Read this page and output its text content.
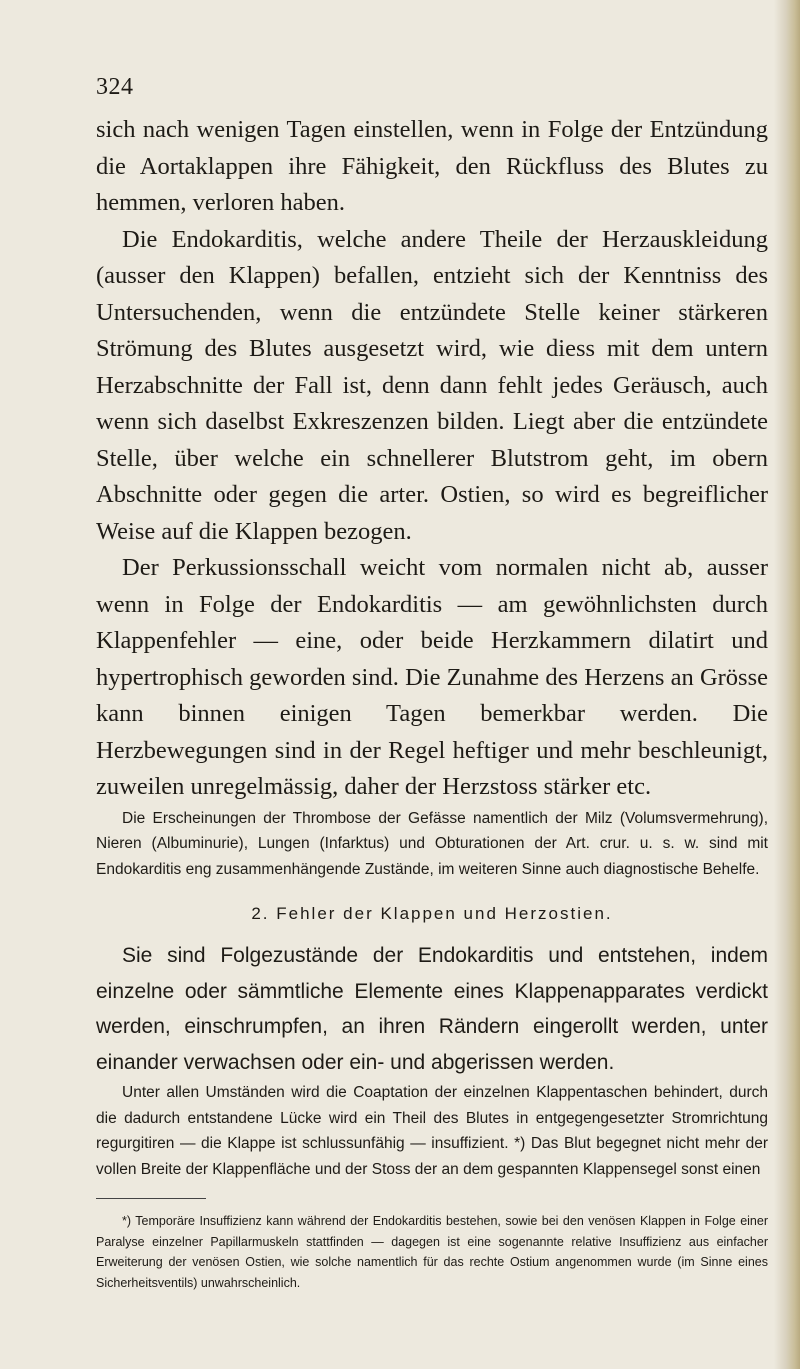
324

sich nach wenigen Tagen einstellen, wenn in Folge der Entzündung die Aortaklappen ihre Fähigkeit, den Rückfluss des Blutes zu hemmen, verloren haben.

Die Endokarditis, welche andere Theile der Herzauskleidung (ausser den Klappen) befallen, entzieht sich der Kenntniss des Untersuchenden, wenn die entzündete Stelle keiner stärkeren Strömung des Blutes ausgesetzt wird, wie diess mit dem untern Herzabschnitte der Fall ist, denn dann fehlt jedes Geräusch, auch wenn sich daselbst Exkreszenzen bilden. Liegt aber die entzündete Stelle, über welche ein schnellerer Blutstrom geht, im obern Abschnitte oder gegen die arter. Ostien, so wird es begreiflicher Weise auf die Klappen bezogen.

Der Perkussionsschall weicht vom normalen nicht ab, ausser wenn in Folge der Endokarditis — am gewöhnlichsten durch Klappenfehler — eine, oder beide Herzkammern dilatirt und hypertrophisch geworden sind. Die Zunahme des Herzens an Grösse kann binnen einigen Tagen bemerkbar werden. Die Herzbewegungen sind in der Regel heftiger und mehr beschleunigt, zuweilen unregelmässig, daher der Herzstoss stärker etc.

Die Erscheinungen der Thrombose der Gefässe namentlich der Milz (Volumsvermehrung), Nieren (Albuminurie), Lungen (Infarktus) und Obturationen der Art. crur. u. s. w. sind mit Endokarditis eng zusammenhängende Zustände, im weiteren Sinne auch diagnostische Behelfe.

2. Fehler der Klappen und Herzostien.

Sie sind Folgezustände der Endokarditis und entstehen, indem einzelne oder sämmtliche Elemente eines Klappenapparates verdickt werden, einschrumpfen, an ihren Rändern eingerollt werden, unter einander verwachsen oder ein- und abgerissen werden.

Unter allen Umständen wird die Coaptation der einzelnen Klappentaschen behindert, durch die dadurch entstandene Lücke wird ein Theil des Blutes in entgegengesetzter Stromrichtung regurgitiren — die Klappe ist schlussunfähig — insuffizient. *) Das Blut begegnet nicht mehr der vollen Breite der Klappenfläche und der Stoss der an dem gespannten Klappensegel sonst einen

*) Temporäre Insuffizienz kann während der Endokarditis bestehen, sowie bei den venösen Klappen in Folge einer Paralyse einzelner Papillarmuskeln stattfinden — dagegen ist eine sogenannte relative Insuffizienz aus einfacher Erweiterung der venösen Ostien, wie solche namentlich für das rechte Ostium angenommen wurde (im Sinne eines Sicherheitsventils) unwahrscheinlich.
